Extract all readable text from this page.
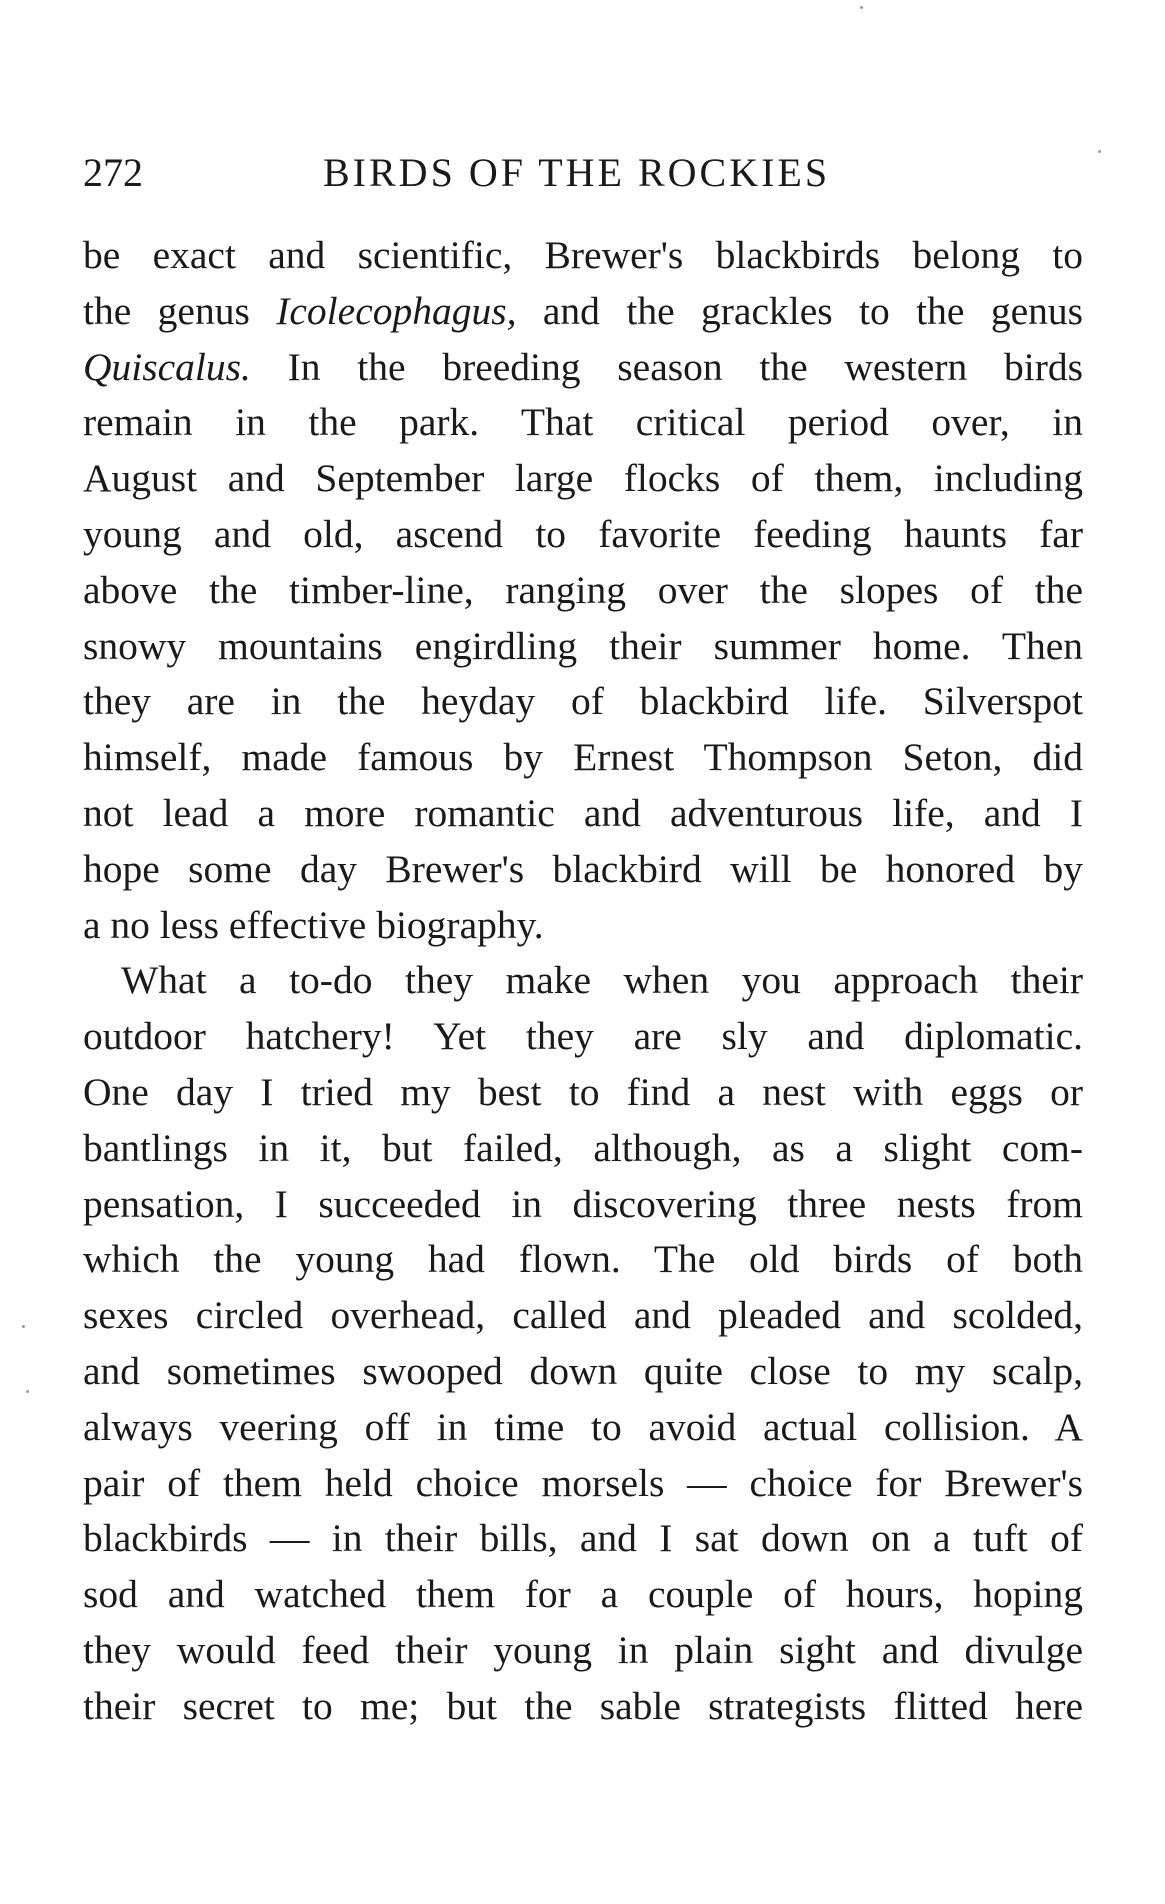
272	BIRDS OF THE ROCKIES
be exact and scientific, Brewer's blackbirds belong to
the genus Icolecophagus, and the grackles to the genus
Quiscalus. In the breeding season the western birds
remain in the park. That critical period over, in
August and September large flocks of them, including
young and old, ascend to favorite feeding haunts far
above the timber-line, ranging over the slopes of the
snowy mountains engirdling their summer home. Then
they are in the heyday of blackbird life. Silverspot
himself, made famous by Ernest Thompson Seton, did
not lead a more romantic and adventurous life, and I
hope some day Brewer's blackbird will be honored by
a no less effective biography.
What a to-do they make when you approach their
outdoor hatchery! Yet they are sly and diplomatic.
One day I tried my best to find a nest with eggs or
bantlings in it, but failed, although, as a slight com-
pensation, I succeeded in discovering three nests from
which the young had flown. The old birds of both
sexes circled overhead, called and pleaded and scolded,
and sometimes swooped down quite close to my scalp,
always veering off in time to avoid actual collision. A
pair of them held choice morsels — choice for Brewer's
blackbirds — in their bills, and I sat down on a tuft of
sod and watched them for a couple of hours, hoping
they would feed their young in plain sight and divulge
their secret to me; but the sable strategists flitted here
